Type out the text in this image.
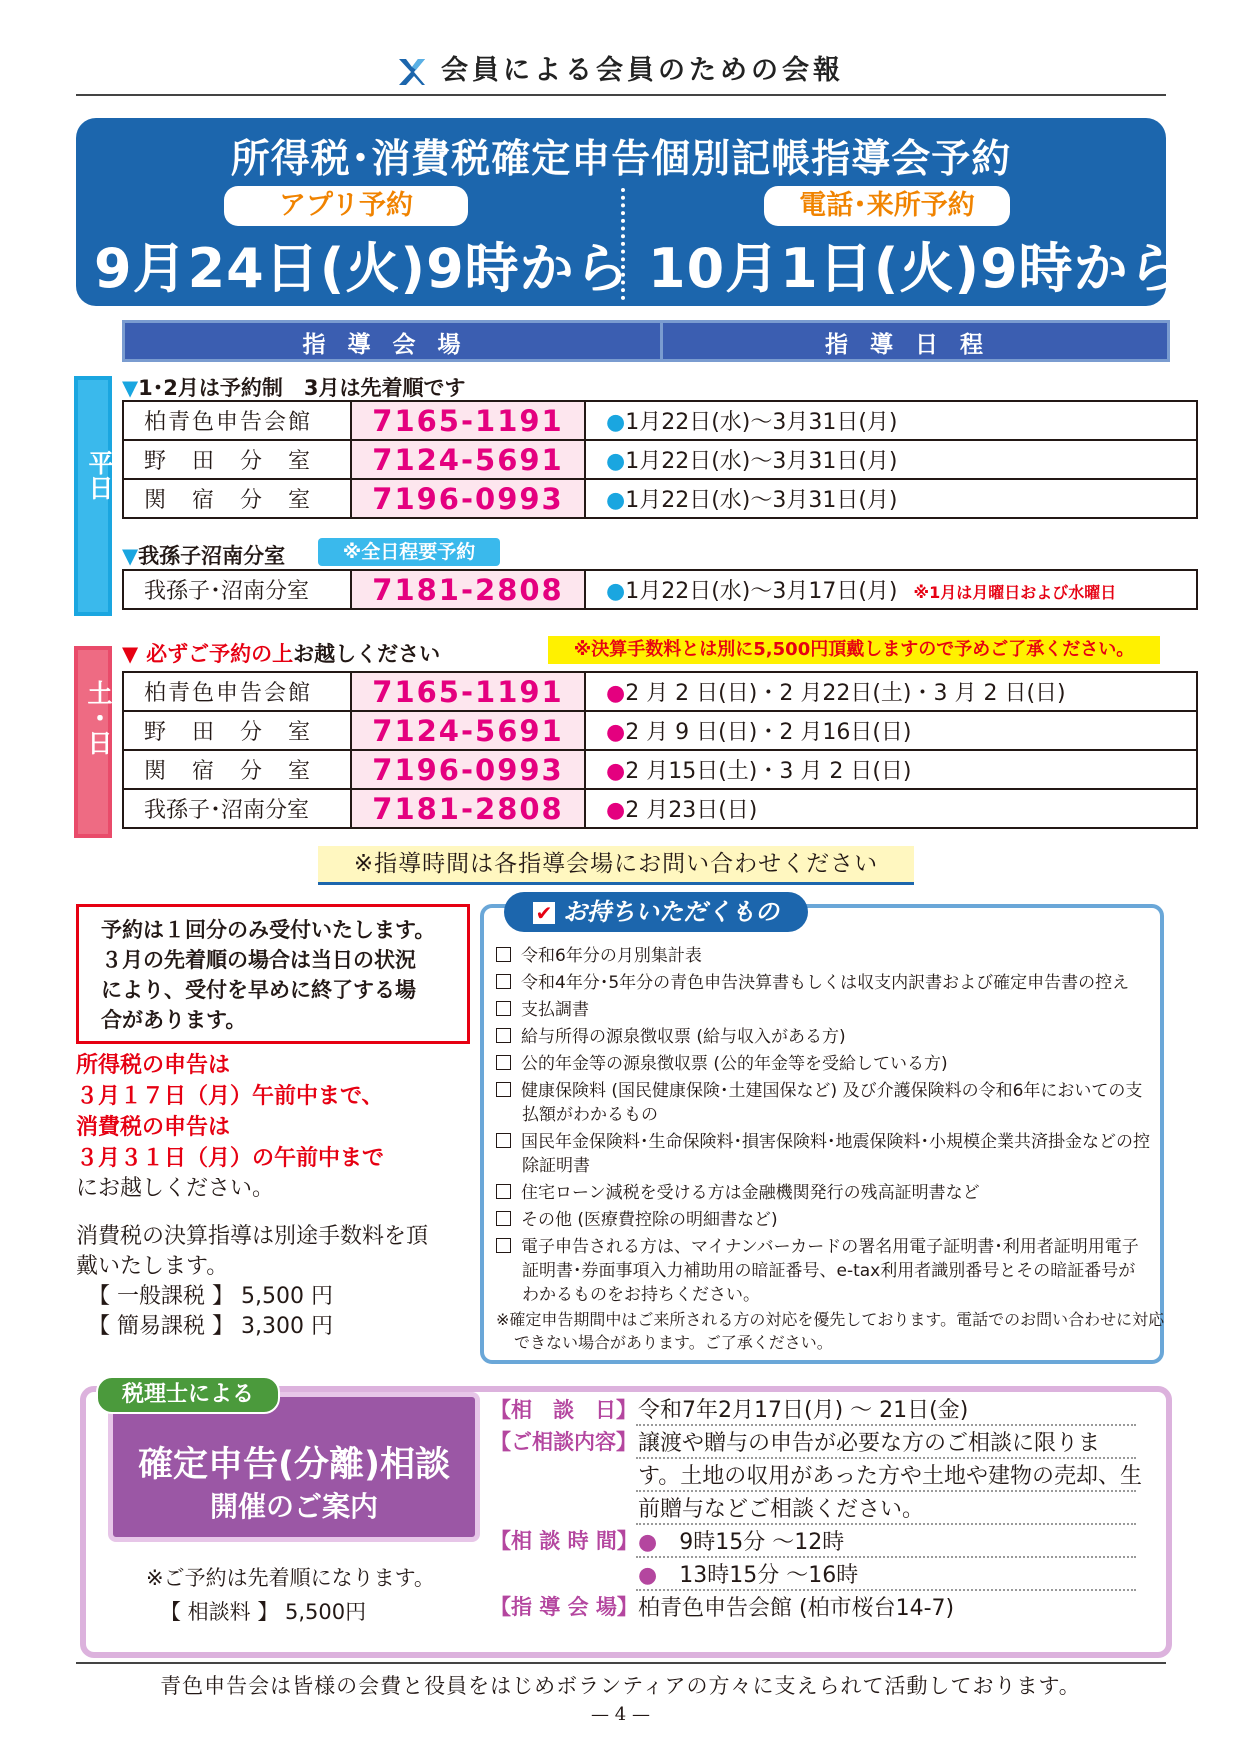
会員による会員のための会報
所得税･消費税確定申告個別記帳指導会予約
アプリ予約	電話･来所予約
9月24日(火)9時から 10月1日(火)9時から
指導会場	指導日程
平日
土・日
▼1･2月は予約制　3月は先着順です
柏青色申告会館	7165-1191	●1月22日(水)〜3月31日(月)
野　田　分　室	7124-5691	●1月22日(水)〜3月31日(月)
関　宿　分　室	7196-0993	●1月22日(水)〜3月31日(月)
▼我孫子沼南分室	※全日程要予約
我孫子･沼南分室	7181-2808	●1月22日(水)〜3月17日(月) ※1月は月曜日および水曜日
▼ 必ずご予約の上お越しください	※決算手数料とは別に5,500円頂戴しますので予めご了承ください。
柏青色申告会館	7165-1191	●2 月 2 日(日)・2 月22日(土)・3 月 2 日(日)
野　田　分　室	7124-5691	●2 月 9 日(日)・2 月16日(日)
関　宿　分　室	7196-0993	●2 月15日(土)・3 月 2 日(日)
我孫子･沼南分室	7181-2808	●2 月23日(日)
※指導時間は各指導会場にお問い合わせください
予約は１回分のみ受付いたします。
３月の先着順の場合は当日の状況
により、受付を早めに終了する場
合があります。
所得税の申告は
３月１７日（月）午前中まで、
消費税の申告は
３月３１日（月）の午前中まで
にお越しください。
消費税の決算指導は別途手数料を頂
戴いたします。
【 一般課税 】 5,500 円
【 簡易課税 】 3,300 円
✔ お持ちいただくもの
令和6年分の月別集計表
令和4年分･5年分の青色申告決算書もしくは収支内訳書および確定申告書の控え
支払調書
給与所得の源泉徴収票 (給与収入がある方)
公的年金等の源泉徴収票 (公的年金等を受給している方)
健康保険料 (国民健康保険･土建国保など) 及び介護保険料の令和6年においての支払額がわかるもの
国民年金保険料･生命保険料･損害保険料･地震保険料･小規模企業共済掛金などの控除証明書
住宅ローン減税を受ける方は金融機関発行の残高証明書など
その他 (医療費控除の明細書など)
電子申告される方は、マイナンバーカードの署名用電子証明書･利用者証明用電子証明書･券面事項入力補助用の暗証番号、e-tax利用者識別番号とその暗証番号がわかるものをお持ちください。
※確定申告期間中はご来所される方の対応を優先しております。電話でのお問い合わせに対応できない場合があります。ご了承ください。
確定申告(分離)相談
開催のご案内
税理士による
※ご予約は先着順になります。
【 相談料 】 5,500円
【相　談　日】 令和7年2月17日(月) 〜 21日(金)
【ご相談内容】 譲渡や贈与の申告が必要な方のご相談に限りま
す。土地の収用があった方や土地や建物の売却、生
前贈与などご相談ください。
【相 談 時 間】 ●　 9時15分 〜12時
●　 13時15分 〜16時
【指 導 会 場】 柏青色申告会館 (柏市桜台14-7)
青色申告会は皆様の会費と役員をはじめボランティアの方々に支えられて活動しております。
— 4 —
